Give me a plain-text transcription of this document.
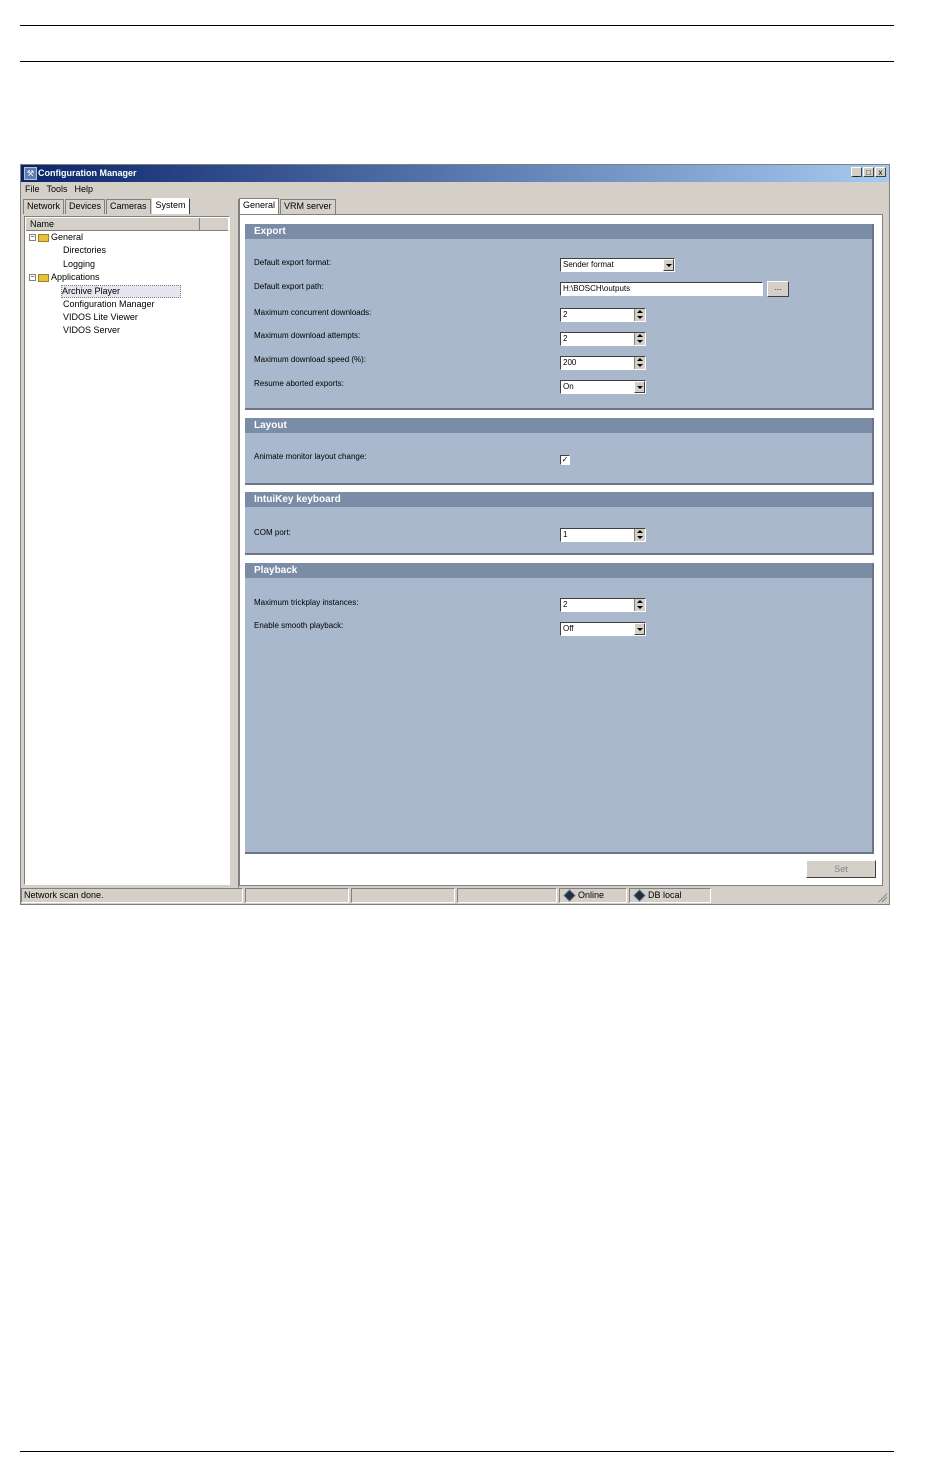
⚒ Configuration Manager	_ □ x
File Tools Help
Network	Devices	Cameras	System
Name
− General
Directories
Logging
− Applications
Archive Player
Configuration Manager
VIDOS Lite Viewer
VIDOS Server
General	VRM server
Export
Default export format:	Sender format
Default export path:	H:\BOSCH\outputs	...
Maximum concurrent downloads:	2
Maximum download attempts:	2
Maximum download speed (%):	200
Resume aborted exports:	On
Layout
Animate monitor layout change:	✓
IntuiKey keyboard
COM port:	1
Playback
Maximum trickplay instances:	2
Enable smooth playback:	Off
Set
Network scan done.	Online	DB local
